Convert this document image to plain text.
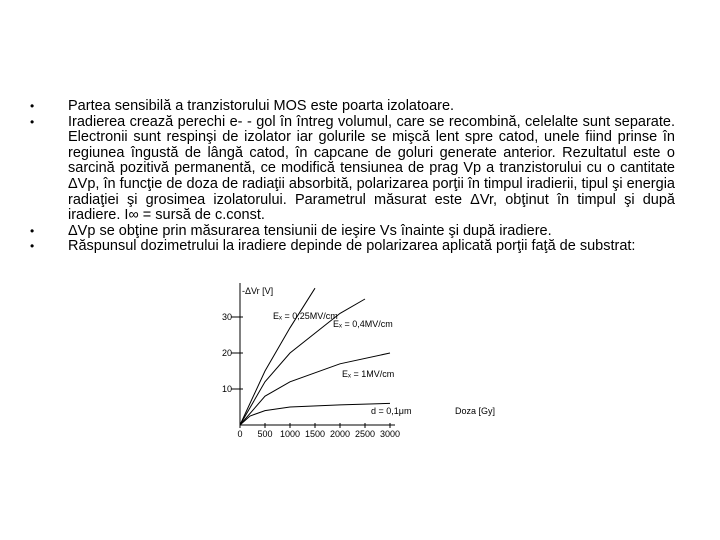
•	Partea sensibilă a tranzistorului MOS este poarta izolatoare.
•	Iradierea crează perechi e- - gol în întreg volumul, care se recombină, celelalte sunt separate. Electronii sunt respinşi de izolator iar golurile se mişcă lent spre catod, unele fiind prinse în regiunea îngustă de lângă catod, în capcane de goluri generate anterior. Rezultatul este o sarcină pozitivă permanentă, ce modifică tensiunea de prag Vp a tranzistorului cu o cantitate ΔVp, în funcţie de doza de radiaţii absorbită, polarizarea porţii în timpul iradierii, tipul şi energia radiaţiei şi grosimea izolatorului. Parametrul măsurat este ΔVr, obţinut în timpul şi după iradiere. I∞ = sursă de c.const.
•	ΔVp se obţine prin măsurarea tensiunii de ieşire Vs înainte şi după iradiere.
•	Răspunsul dozimetrului la iradiere depinde de polarizarea aplicată porţii faţă de substrat:
10
20
30
0 500 1000 1500 2000 2500 3000
-ΔVr [V]
Doza [Gy]
d = 0,1μm
Eₓ = 0,25MV/cm
Eₓ = 0,4MV/cm
Eₓ = 1MV/cm
